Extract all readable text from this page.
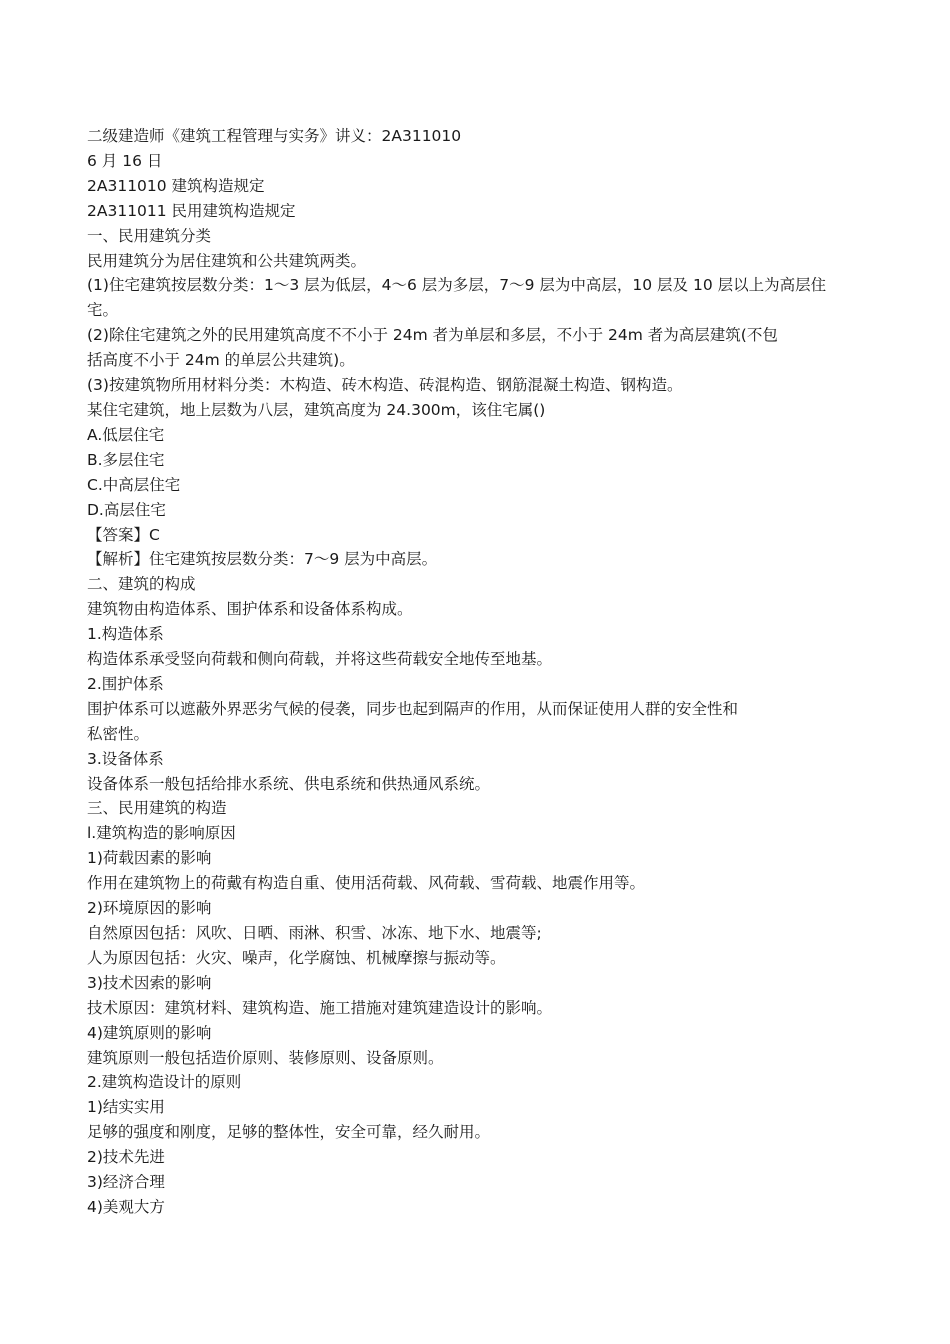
二级建造师《建筑工程管理与实务》讲义：2A311010

6 月 16 日

2A311010 建筑构造规定

2A311011 民用建筑构造规定

一、民用建筑分类

民用建筑分为居住建筑和公共建筑两类。

(1)住宅建筑按层数分类：1～3 层为低层，4～6 层为多层，7～9 层为中高层，10 层及 10 层以上为高层住

宅。

(2)除住宅建筑之外的民用建筑高度不不小于 24m 者为单层和多层，不小于 24m 者为高层建筑(不包

括高度不小于 24m 的单层公共建筑)。

(3)按建筑物所用材料分类：木构造、砖木构造、砖混构造、钢筋混凝土构造、钢构造。

某住宅建筑，地上层数为八层，建筑高度为 24.300m，该住宅属()

A.低层住宅

B.多层住宅

C.中高层住宅

D.高层住宅

【答案】C

【解析】住宅建筑按层数分类：7～9 层为中高层。

二、建筑的构成

建筑物由构造体系、围护体系和设备体系构成。

1.构造体系

构造体系承受竖向荷载和侧向荷载，并将这些荷载安全地传至地基。

2.围护体系

围护体系可以遮蔽外界恶劣气候的侵袭，同步也起到隔声的作用，从而保证使用人群的安全性和

私密性。

3.设备体系

设备体系一般包括给排水系统、供电系统和供热通风系统。

三、民用建筑的构造

l.建筑构造的影响原因

1)荷载因素的影响

作用在建筑物上的荷戴有构造自重、使用活荷载、风荷载、雪荷载、地震作用等。

2)环境原因的影响

自然原因包括：风吹、日晒、雨淋、积雪、冰冻、地下水、地震等;

人为原因包括：火灾、噪声，化学腐蚀、机械摩擦与振动等。

3)技术因索的影响

技术原因：建筑材料、建筑构造、施工措施对建筑建造设计的影响。

4)建筑原则的影响

建筑原则一般包括造价原则、装修原则、设备原则。

2.建筑构造设计的原则

1)结实实用

足够的强度和刚度，足够的整体性，安全可靠，经久耐用。

2)技术先进

3)经济合理

4)美观大方
